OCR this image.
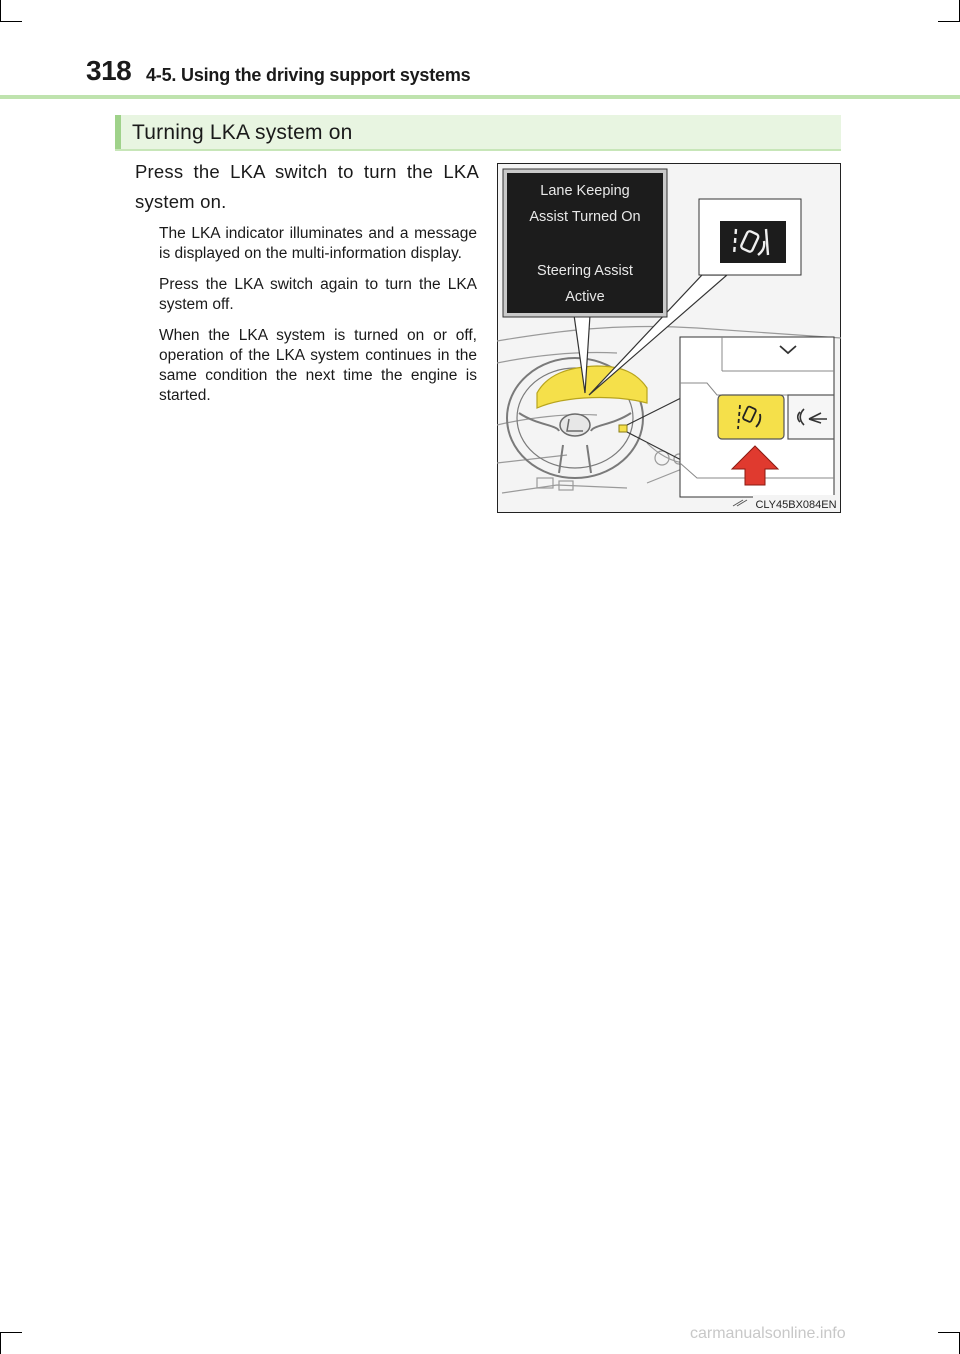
318 4-5. Using the driving support systems
Turning LKA system on
Press the LKA switch to turn the LKA system on.

The LKA indicator illuminates and a message is displayed on the multi-information display.

Press the LKA switch again to turn the LKA system off.

When the LKA system is turned on or off, operation of the LKA system continues in the same condition the next time the engine is started.

Lane Keeping
Assist Turned On
Steering Assist
Active
CLY45BX084EN
carmanualsonline.info
